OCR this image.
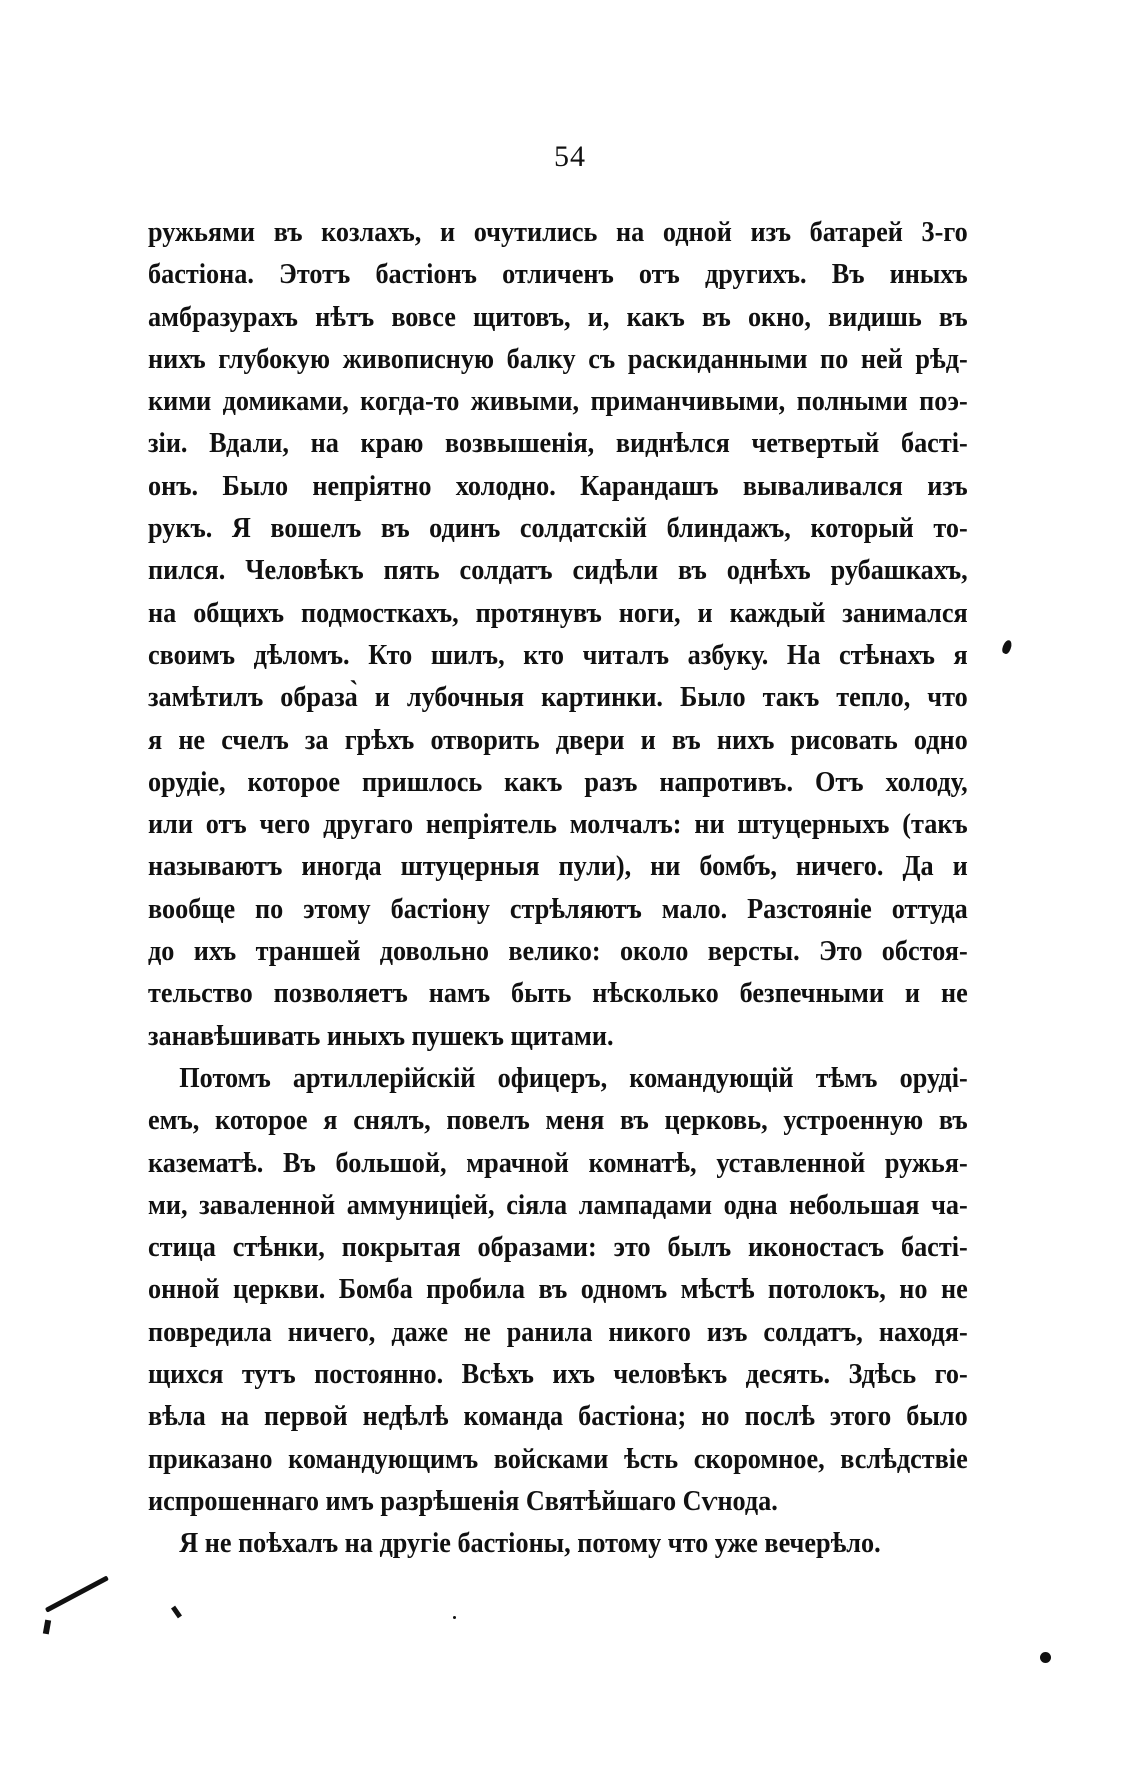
54
ружьями въ козлахъ, и очутились на одной изъ батарей 3-го
бастіона. Этотъ бастіонъ отличенъ отъ другихъ. Въ иныхъ
амбразурахъ нѣтъ вовсе щитовъ, и, какъ въ окно, видишь въ
нихъ глубокую живописную балку съ раскиданными по ней рѣд-
кими домиками, когда-то живыми, приманчивыми, полными поэ-
зіи. Вдали, на краю возвышенія, виднѣлся четвертый басті-
онъ. Было непріятно холодно. Карандашъ вываливался изъ
рукъ. Я вошелъ въ одинъ солдатскій блиндажъ, который то-
пился. Человѣкъ пять солдатъ сидѣли въ однѣхъ рубашкахъ,
на общихъ подмосткахъ, протянувъ ноги, и каждый занимался
своимъ дѣломъ. Кто шилъ, кто читалъ азбуку. На стѣнахъ я
замѣтилъ образа̀ и лубочныя картинки. Было такъ тепло, что
я не счелъ за грѣхъ отворить двери и въ нихъ рисовать одно
орудіе, которое пришлось какъ разъ напротивъ. Отъ холоду,
или отъ чего другаго непріятель молчалъ: ни штуцерныхъ (такъ
называютъ иногда штуцерныя пули), ни бомбъ, ничего. Да и
вообще по этому бастіону стрѣляютъ мало. Разстояніе оттуда
до ихъ траншей довольно велико: около версты. Это обстоя-
тельство позволяетъ намъ быть нѣсколько безпечными и не
занавѣшивать иныхъ пушекъ щитами.
Потомъ артиллерійскій офицеръ, командующій тѣмъ оруді-
емъ, которое я снялъ, повелъ меня въ церковь, устроенную въ
казематѣ. Въ большой, мрачной комнатѣ, уставленной ружья-
ми, заваленной аммуниціей, сіяла лампадами одна небольшая ча-
стица стѣнки, покрытая образами: это былъ иконостасъ бастi-
онной церкви. Бомба пробила въ одномъ мѣстѣ потолокъ, но не
повредила ничего, даже не ранила никого изъ солдатъ, находя-
щихся тутъ постоянно. Всѣхъ ихъ человѣкъ десять. Здѣсь го-
вѣла на первой недѣлѣ команда бастіона; но послѣ этого было
приказано командующимъ войсками ѣсть скоромное, вслѣдствіе
испрошеннаго имъ разрѣшенія Святѣйшаго Сѵнода.
Я не поѣхалъ на другіе бастіоны, потому что уже вечерѣло.
